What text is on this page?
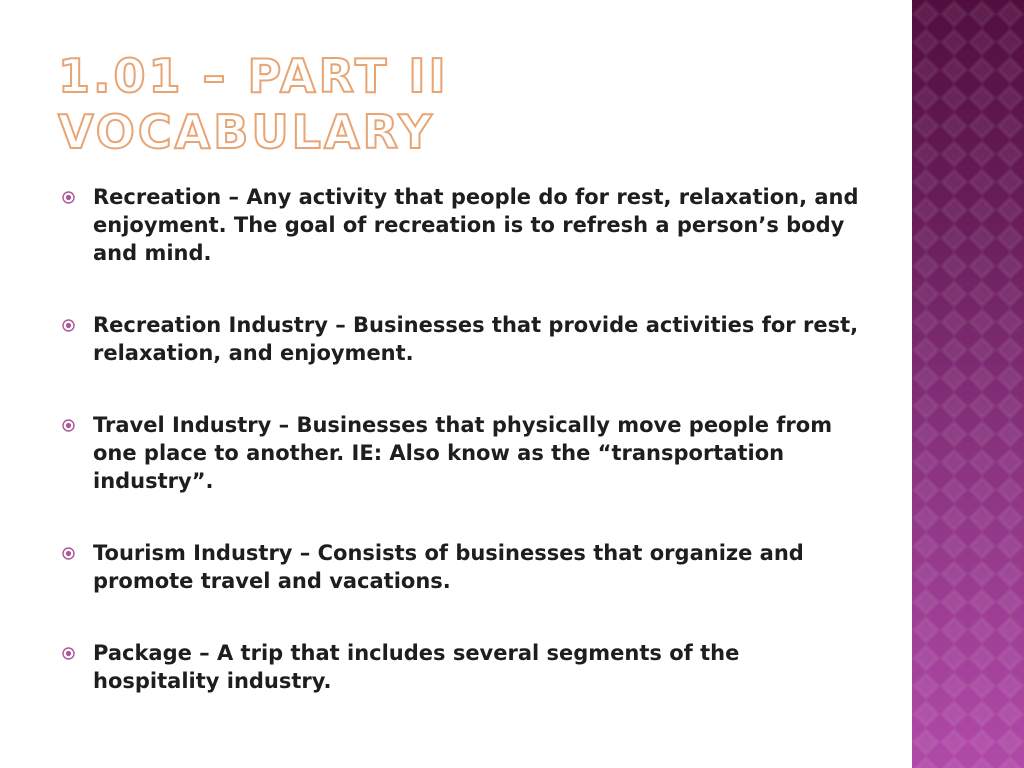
1.01 – PART II
VOCABULARY
Recreation – Any activity that people do for rest, relaxation, and enjoyment. The goal of recreation is to refresh a person’s body and mind.
Recreation Industry – Businesses that provide activities for rest, relaxation, and enjoyment.
Travel Industry – Businesses that physically move people from one place to another. IE: Also know as the “transportation industry”.
Tourism Industry – Consists of businesses that organize and promote travel and vacations.
Package – A trip that includes several segments of the hospitality industry.
